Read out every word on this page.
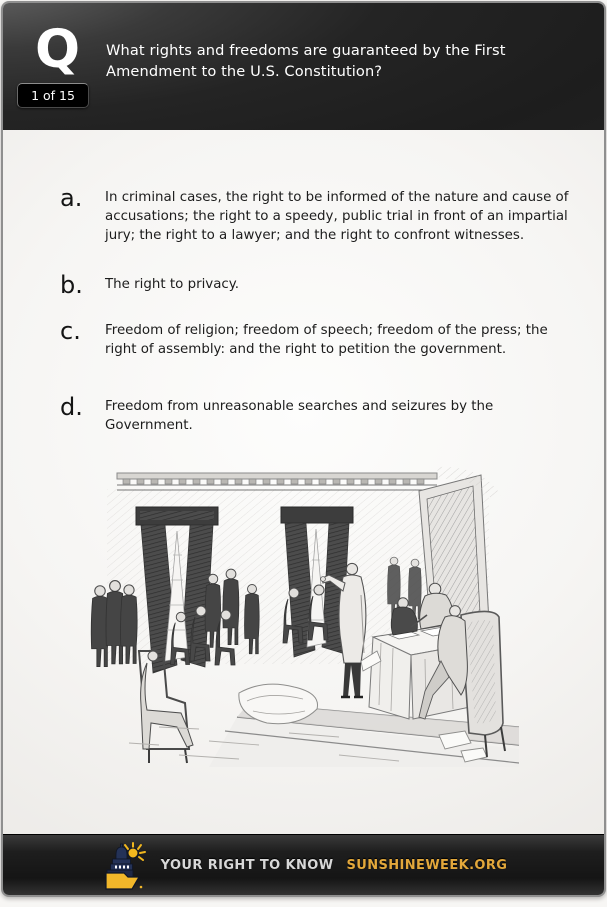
Q What rights and freedoms are guaranteed by the First Amendment to the U.S. Constitution?
1 of 15
a.	In criminal cases, the right to be informed of the nature and cause of accusations; the right to a speedy, public trial in front of an impartial jury; the right to a lawyer; and the right to confront witnesses.
b.	The right to privacy.
c.	Freedom of religion; freedom of speech; freedom of the press; the right of assembly: and the right to petition the government.
d.	Freedom from unreasonable searches and seizures by the Government.
YOUR RIGHT TO KNOW SUNSHINEWEEK.ORG
